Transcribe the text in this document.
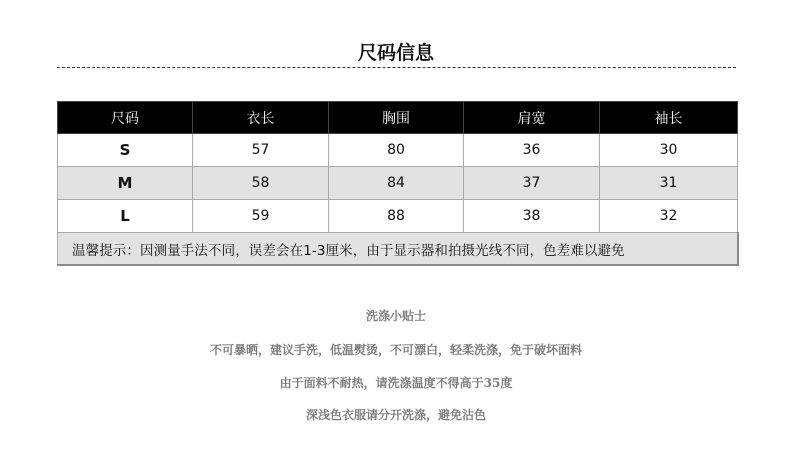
尺码信息
尺码	衣长	胸围	肩宽	袖长
S	57	80	36	30
M	58	84	37	31
L	59	88	38	32
温馨提示：因测量手法不同，误差会在1-3厘米，由于显示器和拍摄光线不同，色差难以避免				
洗涤小贴士
不可暴晒，建议手洗，低温熨烫，不可漂白，轻柔洗涤，免于破坏面料
由于面料不耐热，请洗涤温度不得高于35度
深浅色衣服请分开洗涤，避免沾色
